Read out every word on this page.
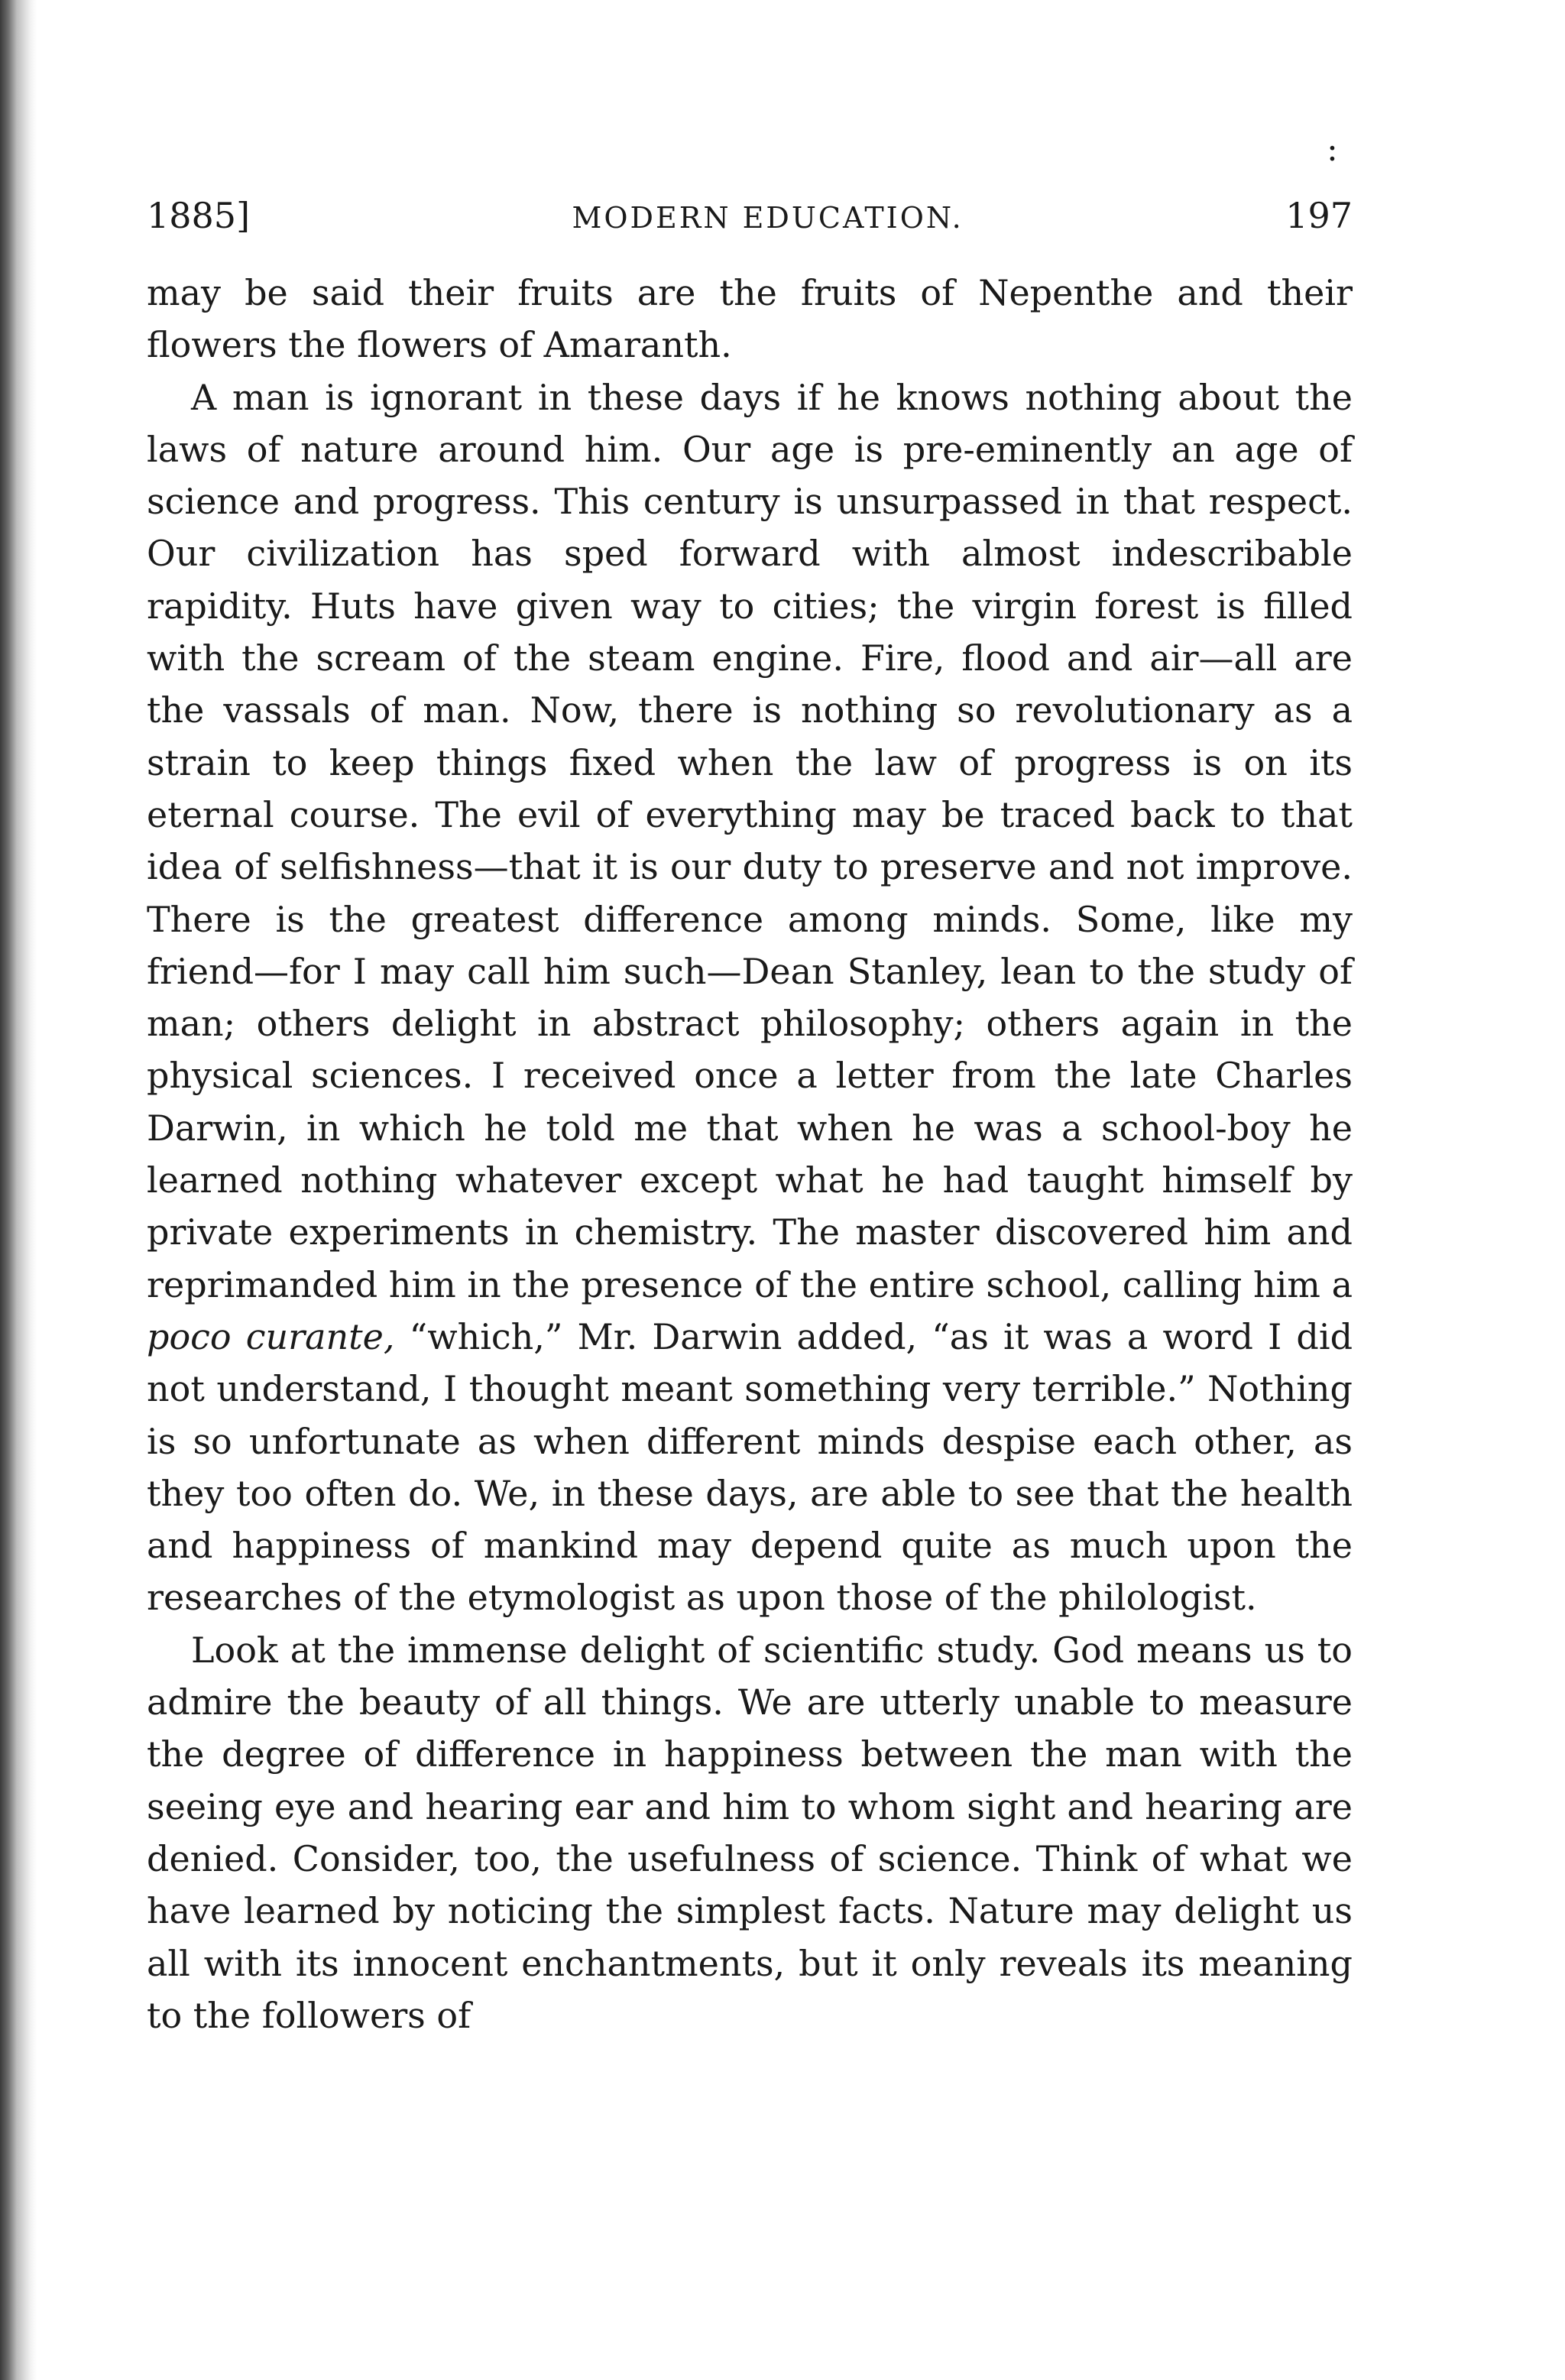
:
1885]	MODERN EDUCATION.	197

may be said their fruits are the fruits of Nepenthe and their flowers the flowers of Amaranth.

A man is ignorant in these days if he knows nothing about the laws of nature around him. Our age is pre-eminently an age of science and progress. This century is unsurpassed in that respect. Our civilization has sped forward with almost indescribable rapidity. Huts have given way to cities; the virgin forest is filled with the scream of the steam engine. Fire, flood and air—all are the vassals of man. Now, there is nothing so revolutionary as a strain to keep things fixed when the law of progress is on its eternal course. The evil of everything may be traced back to that idea of selfishness—that it is our duty to preserve and not improve. There is the greatest difference among minds. Some, like my friend—for I may call him such—Dean Stanley, lean to the study of man; others delight in abstract philosophy; others again in the physical sciences. I received once a letter from the late Charles Darwin, in which he told me that when he was a school-boy he learned nothing whatever except what he had taught himself by private experiments in chemistry. The master discovered him and reprimanded him in the presence of the entire school, calling him a poco curante, “which,” Mr. Darwin added, “as it was a word I did not understand, I thought meant something very terrible.” Nothing is so unfortunate as when different minds despise each other, as they too often do. We, in these days, are able to see that the health and happiness of mankind may depend quite as much upon the researches of the etymologist as upon those of the philologist.

Look at the immense delight of scientific study. God means us to admire the beauty of all things. We are utterly unable to measure the degree of difference in happiness between the man with the seeing eye and hearing ear and him to whom sight and hearing are denied. Consider, too, the usefulness of science. Think of what we have learned by noticing the simplest facts. Nature may delight us all with its innocent enchantments, but it only reveals its meaning to the followers of
